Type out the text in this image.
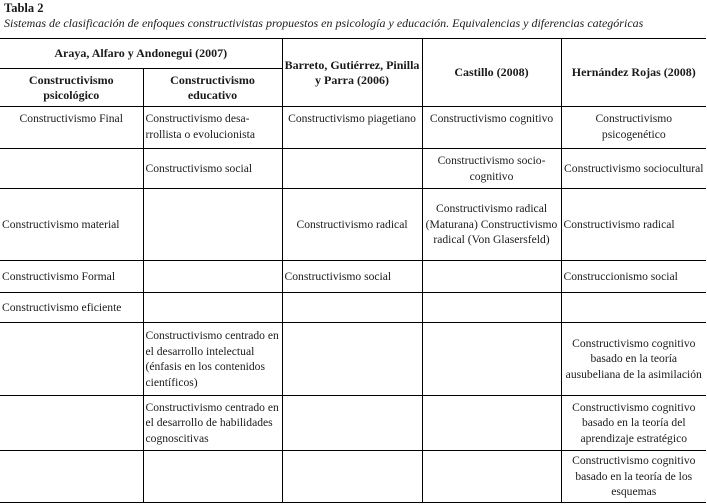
Tabla 2
Sistemas de clasificación de enfoques constructivistas propuestos en psicología y educación. Equivalencias y diferencias categóricas
Araya, Alfaro y Andonegui (2007)		Barreto, Gutiérrez, Pinilla y Parra (2006)	Castillo (2008)	Hernández Rojas (2008)
Constructivismo psicológico	Constructivismo educativo			
Constructivismo Final	Constructivismo desa-rrollista o evolucionista	Constructivismo piagetiano	Constructivismo cognitivo	Constructivismo psicogenético
	Constructivismo social		Constructivismo socio-cognitivo	Constructivismo sociocultural
Constructivismo material		Constructivismo radical	Constructivismo radical (Maturana) Constructivismo radical (Von Glasersfeld)	Constructivismo radical
Constructivismo Formal		Constructivismo social		Construccionismo social
Constructivismo eficiente				
	Constructivismo centrado en el desarrollo intelectual (énfasis en los contenidos científicos)			Constructivismo cognitivo basado en la teoría ausubeliana de la asimilación
	Constructivismo centrado en el desarrollo de habilidades cognoscitivas			Constructivismo cognitivo basado en la teoría del aprendizaje estratégico
				Constructivismo cognitivo basado en la teoría de los esquemas
